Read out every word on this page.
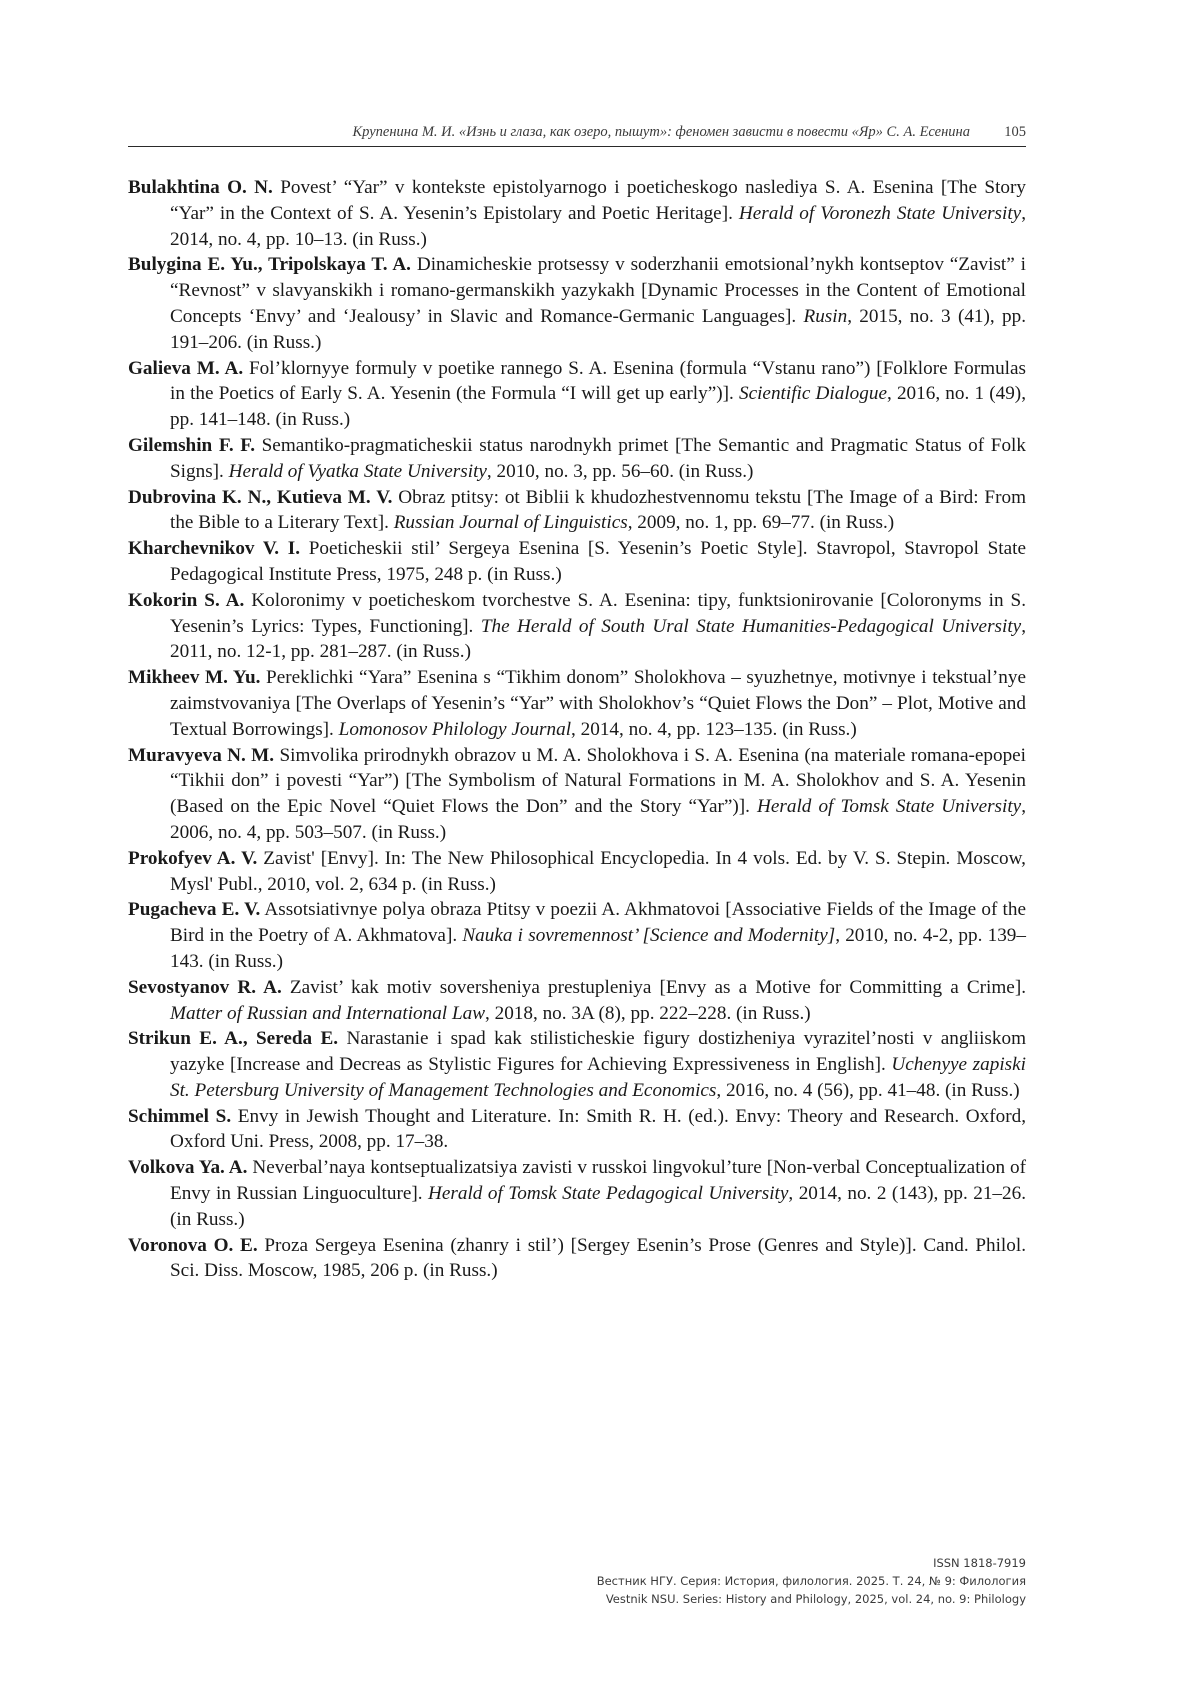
Крупенина М. И. «Изнь и глаза, как озеро, пышут»: феномен зависти в повести «Яр» С. А. Есенина 105
Bulakhtina O. N. Povest’ “Yar” v kontekste epistolyarnogo i poeticheskogo naslediya S. A. Esenina [The Story “Yar” in the Context of S. A. Yesenin’s Epistolary and Poetic Heritage]. Herald of Voronezh State University, 2014, no. 4, pp. 10–13. (in Russ.)
Bulygina E. Yu., Tripolskaya T. A. Dinamicheskie protsessy v soderzhanii emotsional’nykh kontseptov “Zavist” i “Revnost” v slavyanskikh i romano-germanskikh yazykakh [Dynamic Processes in the Content of Emotional Concepts ‘Envy’ and ‘Jealousy’ in Slavic and Romance-Germanic Languages]. Rusin, 2015, no. 3 (41), pp. 191–206. (in Russ.)
Galieva M. A. Fol’klornyye formuly v poetike rannego S. A. Esenina (formula “Vstanu rano”) [Folklore Formulas in the Poetics of Early S. A. Yesenin (the Formula “I will get up early”)]. Scientific Dialogue, 2016, no. 1 (49), pp. 141–148. (in Russ.)
Gilemshin F. F. Semantiko-pragmaticheskii status narodnykh primet [The Semantic and Pragmatic Status of Folk Signs]. Herald of Vyatka State University, 2010, no. 3, pp. 56–60. (in Russ.)
Dubrovina K. N., Kutieva M. V. Obraz ptitsy: ot Biblii k khudozhestvennomu tekstu [The Image of a Bird: From the Bible to a Literary Text]. Russian Journal of Linguistics, 2009, no. 1, pp. 69–77. (in Russ.)
Kharchevnikov V. I. Poeticheskii stil’ Sergeya Esenina [S. Yesenin’s Poetic Style]. Stavropol, Stavropol State Pedagogical Institute Press, 1975, 248 p. (in Russ.)
Kokorin S. A. Koloronimy v poeticheskom tvorchestve S. A. Esenina: tipy, funktsionirovanie [Coloronyms in S. Yesenin’s Lyrics: Types, Functioning]. The Herald of South Ural State Humanities-Pedagogical University, 2011, no. 12-1, pp. 281–287. (in Russ.)
Mikheev M. Yu. Pereklichki “Yara” Esenina s “Tikhim donom” Sholokhova – syuzhetnye, motivnye i tekstual’nye zaimstvovaniya [The Overlaps of Yesenin’s “Yar” with Sholokhov’s “Quiet Flows the Don” – Plot, Motive and Textual Borrowings]. Lomonosov Philology Journal, 2014, no. 4, pp. 123–135. (in Russ.)
Muravyeva N. M. Simvolika prirodnykh obrazov u M. A. Sholokhova i S. A. Esenina (na materiale romana-epopei “Tikhii don” i povesti “Yar”) [The Symbolism of Natural Formations in M. A. Sholokhov and S. A. Yesenin (Based on the Epic Novel “Quiet Flows the Don” and the Story “Yar”)]. Herald of Tomsk State University, 2006, no. 4, pp. 503–507. (in Russ.)
Prokofyev A. V. Zavist' [Envy]. In: The New Philosophical Encyclopedia. In 4 vols. Ed. by V. S. Stepin. Moscow, Mysl' Publ., 2010, vol. 2, 634 p. (in Russ.)
Pugacheva E. V. Assotsiativnye polya obraza Ptitsy v poezii A. Akhmatovoi [Associative Fields of the Image of the Bird in the Poetry of A. Akhmatova]. Nauka i sovremennost’ [Science and Modernity], 2010, no. 4-2, pp. 139–143. (in Russ.)
Sevostyanov R. A. Zavist’ kak motiv soversheniya prestupleniya [Envy as a Motive for Committing a Crime]. Matter of Russian and International Law, 2018, no. 3A (8), pp. 222–228. (in Russ.)
Strikun E. A., Sereda E. Narastanie i spad kak stilisticheskie figury dostizheniya vyrazitel’nosti v angliiskom yazyke [Increase and Decreas as Stylistic Figures for Achieving Expressiveness in English]. Uchenyye zapiski St. Petersburg University of Management Technologies and Economics, 2016, no. 4 (56), pp. 41–48. (in Russ.)
Schimmel S. Envy in Jewish Thought and Literature. In: Smith R. H. (ed.). Envy: Theory and Research. Oxford, Oxford Uni. Press, 2008, pp. 17–38.
Volkova Ya. A. Neverbal’naya kontseptualizatsiya zavisti v russkoi lingvokul’ture [Non-verbal Conceptualization of Envy in Russian Linguoculture]. Herald of Tomsk State Pedagogical University, 2014, no. 2 (143), pp. 21–26. (in Russ.)
Voronova O. E. Proza Sergeya Esenina (zhanry i stil’) [Sergey Esenin’s Prose (Genres and Style)]. Cand. Philol. Sci. Diss. Moscow, 1985, 206 p. (in Russ.)
ISSN 1818-7919
Вестник НГУ. Серия: История, филология. 2025. Т. 24, № 9: Филология
Vestnik NSU. Series: History and Philology, 2025, vol. 24, no. 9: Philology
